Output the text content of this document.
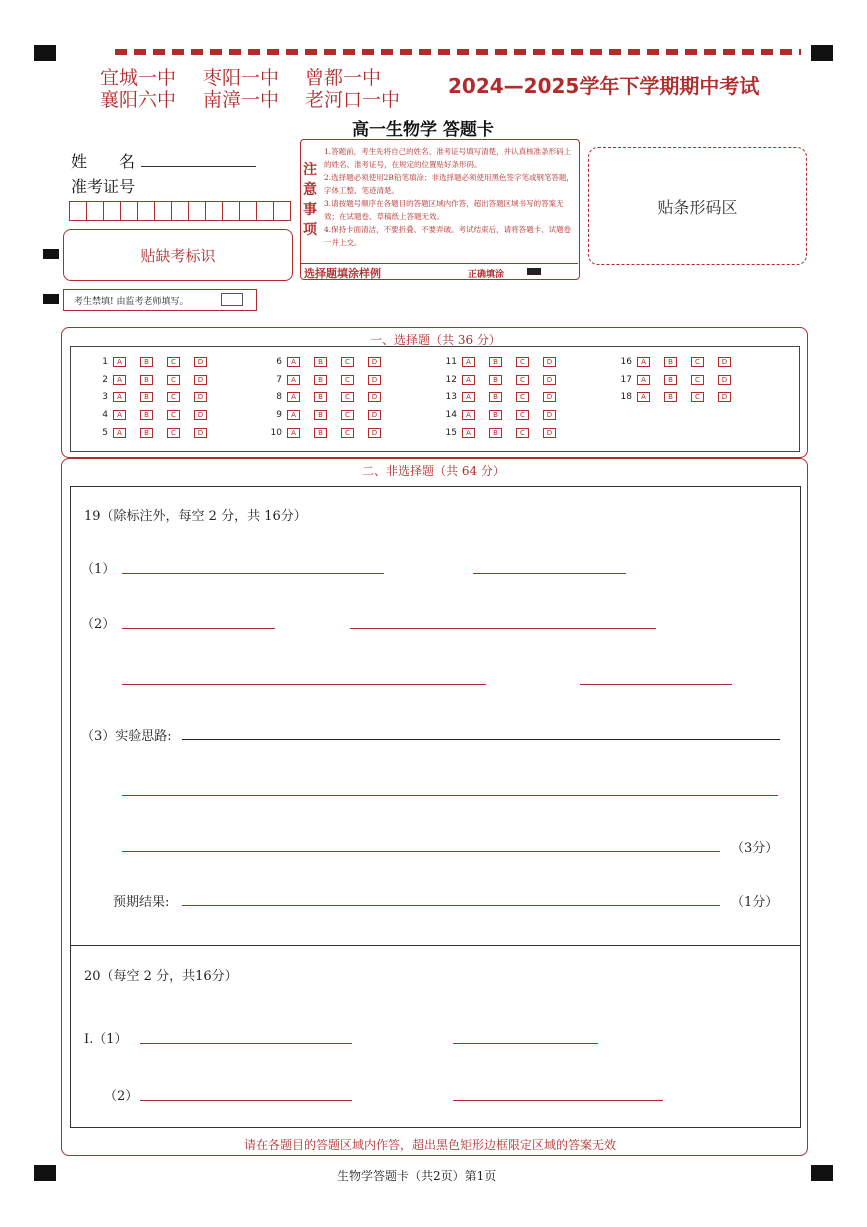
宜城一中 枣阳一中 曾都一中
襄阳六中 南漳一中 老河口一中
2024—2025学年下学期期中考试
高一生物学 答题卡
姓　　名
准考证号
贴缺考标识
考生禁填! 由监考老师填写。
注意事项
1.答题前，考生先将自己的姓名、准考证号填写清楚，并认真核准条形码上的姓名、准考证号，在规定的位置贴好条形码。
2.选择题必须使用2B铅笔填涂；非选择题必须使用黑色签字笔或钢笔答题，字体工整、笔迹清楚。
3.请按题号顺序在各题目的答题区域内作答，超出答题区域书写的答案无效；在试题卷、草稿纸上答题无效。
4.保持卡面清洁，不要折叠、不要弄破。考试结束后，请将答题卡、试题卷一并上交。
选择题填涂样例	正确填涂
贴条形码区
一、选择题（共 36 分）
1	A	B	C	D
2	A	B	C	D
3	A	B	C	D
4	A	B	C	D
5	A	B	C	D
6	A	B	C	D
7	A	B	C	D
8	A	B	C	D
9	A	B	C	D
10	A	B	C	D
11	A	B	C	D
12	A	B	C	D
13	A	B	C	D
14	A	B	C	D
15	A	B	C	D
16	A	B	C	D
17	A	B	C	D
18	A	B	C	D
二、非选择题（共 64 分）
19（除标注外，每空 2 分，共 16分）
（1）
（2）
（3）实验思路:
（3分）
预期结果:	（1分）
20（每空 2 分，共16分）
I.（1）
（2）
请在各题目的答题区域内作答，超出黑色矩形边框限定区域的答案无效
生物学答题卡（共2页）第1页
